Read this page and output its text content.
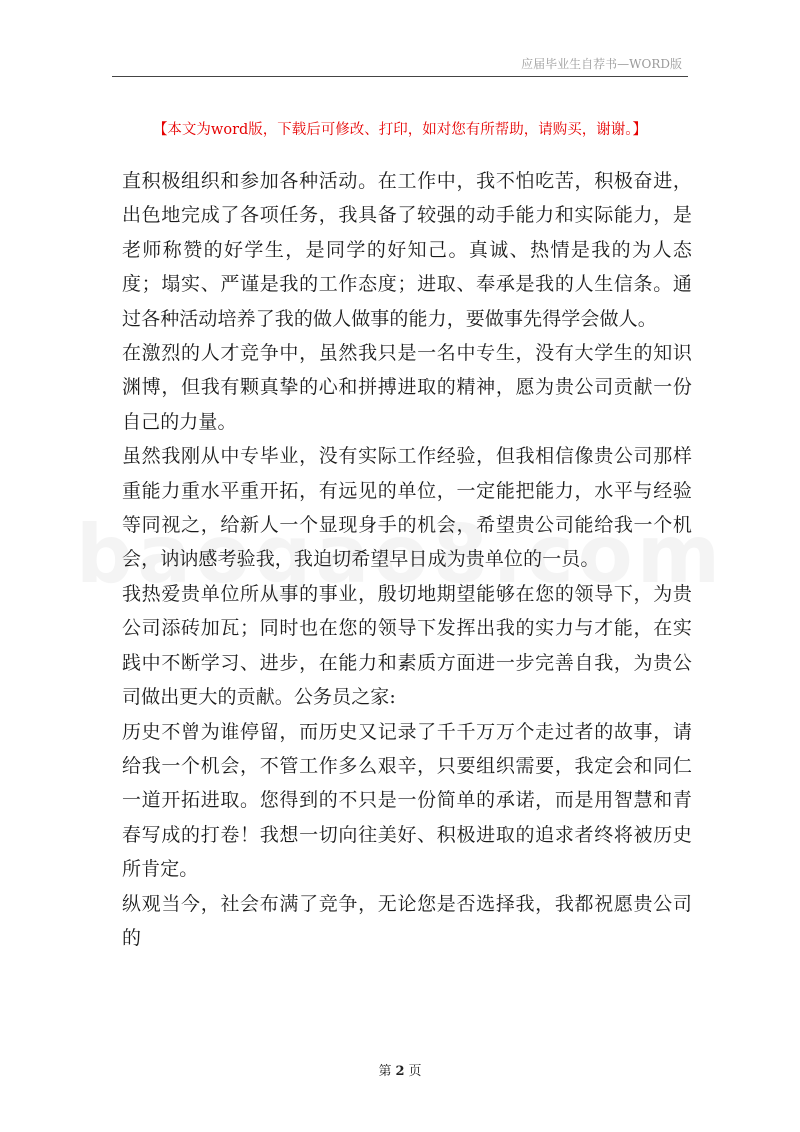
应届毕业生自荐书—WORD版
【本文为word版，下载后可修改、打印，如对您有所帮助，请购买，谢谢。】

直积极组织和参加各种活动。在工作中，我不怕吃苦，积极奋进，出色地完成了各项任务，我具备了较强的动手能力和实际能力，是老师称赞的好学生，是同学的好知己。真诚、热情是我的为人态度；塌实、严谨是我的工作态度；进取、奉承是我的人生信条。通过各种活动培养了我的做人做事的能力，要做事先得学会做人。

在激烈的人才竞争中，虽然我只是一名中专生，没有大学生的知识渊博，但我有颗真挚的心和拼搏进取的精神，愿为贵公司贡献一份自己的力量。

虽然我刚从中专毕业，没有实际工作经验，但我相信像贵公司那样重能力重水平重开拓，有远见的单位，一定能把能力，水平与经验等同视之，给新人一个显现身手的机会，希望贵公司能给我一个机会，讷讷感考验我，我迫切希望早日成为贵单位的一员。

我热爱贵单位所从事的事业，殷切地期望能够在您的领导下，为贵公司添砖加瓦；同时也在您的领导下发挥出我的实力与才能，在实践中不断学习、进步，在能力和素质方面进一步完善自我，为贵公司做出更大的贡献。公务员之家:

历史不曾为谁停留，而历史又记录了千千万万个走过者的故事，请给我一个机会，不管工作多么艰辛，只要组织需要，我定会和同仁一道开拓进取。您得到的不只是一份简单的承诺，而是用智慧和青春写成的打卷！我想一切向往美好、积极进取的追求者终将被历史所肯定。

纵观当今，社会布满了竞争，无论您是否选择我，我都祝愿贵公司的

第 2 页
